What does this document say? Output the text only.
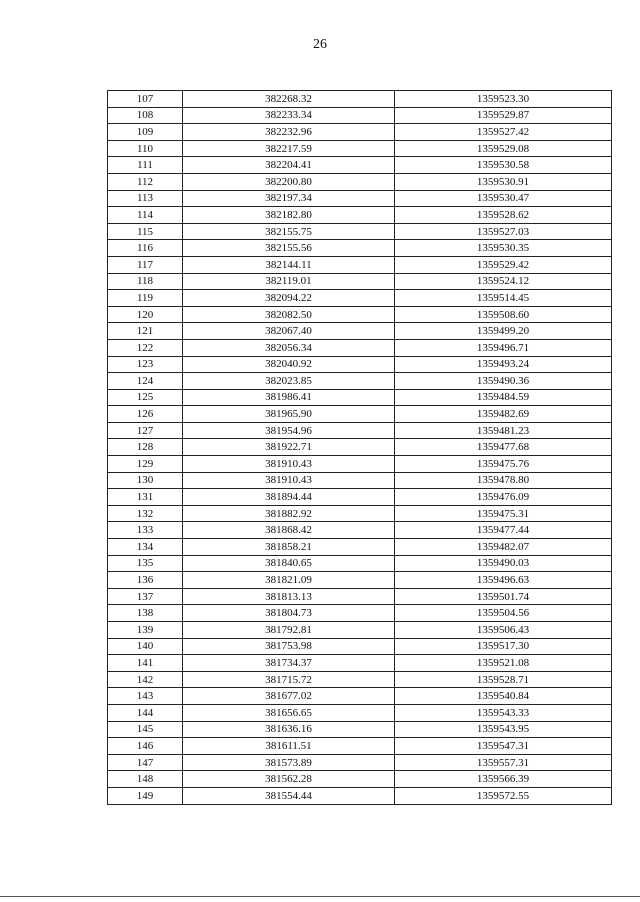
26
107	382268.32	1359523.30
108	382233.34	1359529.87
109	382232.96	1359527.42
110	382217.59	1359529.08
111	382204.41	1359530.58
112	382200.80	1359530.91
113	382197.34	1359530.47
114	382182.80	1359528.62
115	382155.75	1359527.03
116	382155.56	1359530.35
117	382144.11	1359529.42
118	382119.01	1359524.12
119	382094.22	1359514.45
120	382082.50	1359508.60
121	382067.40	1359499.20
122	382056.34	1359496.71
123	382040.92	1359493.24
124	382023.85	1359490.36
125	381986.41	1359484.59
126	381965.90	1359482.69
127	381954.96	1359481.23
128	381922.71	1359477.68
129	381910.43	1359475.76
130	381910.43	1359478.80
131	381894.44	1359476.09
132	381882.92	1359475.31
133	381868.42	1359477.44
134	381858.21	1359482.07
135	381840.65	1359490.03
136	381821.09	1359496.63
137	381813.13	1359501.74
138	381804.73	1359504.56
139	381792.81	1359506.43
140	381753.98	1359517.30
141	381734.37	1359521.08
142	381715.72	1359528.71
143	381677.02	1359540.84
144	381656.65	1359543.33
145	381636.16	1359543.95
146	381611.51	1359547.31
147	381573.89	1359557.31
148	381562.28	1359566.39
149	381554.44	1359572.55
